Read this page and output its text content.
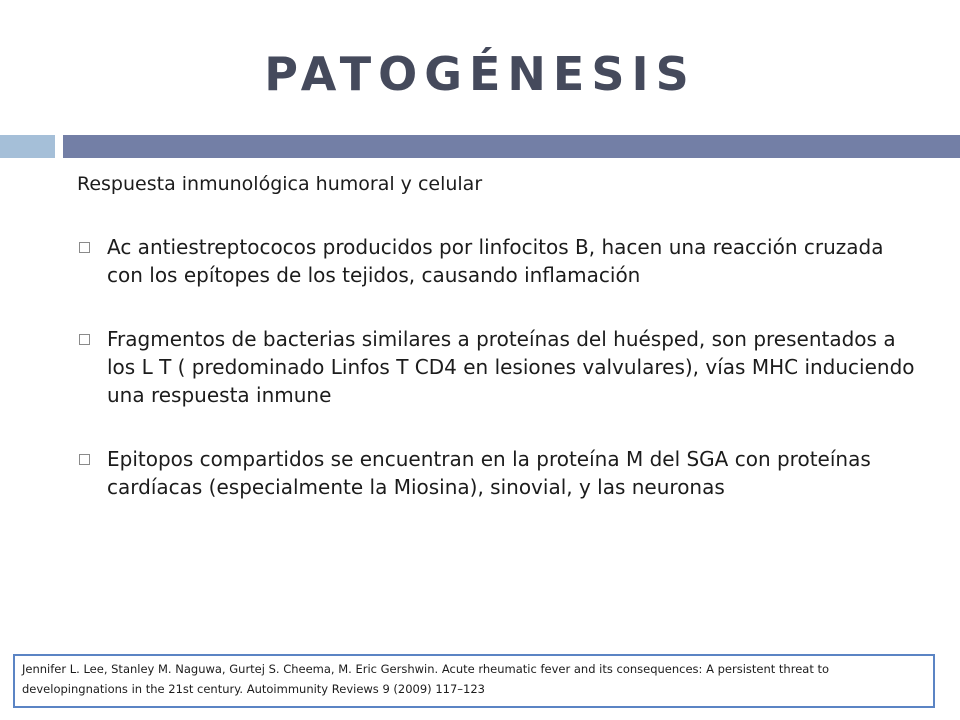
PATOGÉNESIS
Respuesta inmunológica humoral y celular
Ac antiestreptococos producidos por linfocitos B, hacen una reacción cruzada con los epítopes de los tejidos, causando inflamación
Fragmentos de bacterias similares a proteínas del huésped, son presentados a los L T ( predominado Linfos T CD4 en lesiones valvulares), vías MHC induciendo una respuesta inmune
Epitopos compartidos se encuentran en la proteína M del SGA con proteínas cardíacas (especialmente la Miosina), sinovial, y las neuronas
Jennifer L. Lee, Stanley M. Naguwa, Gurtej S. Cheema, M. Eric Gershwin. Acute rheumatic fever and its consequences: A persistent threat to developingnations in the 21st century. Autoimmunity Reviews 9 (2009) 117–123
